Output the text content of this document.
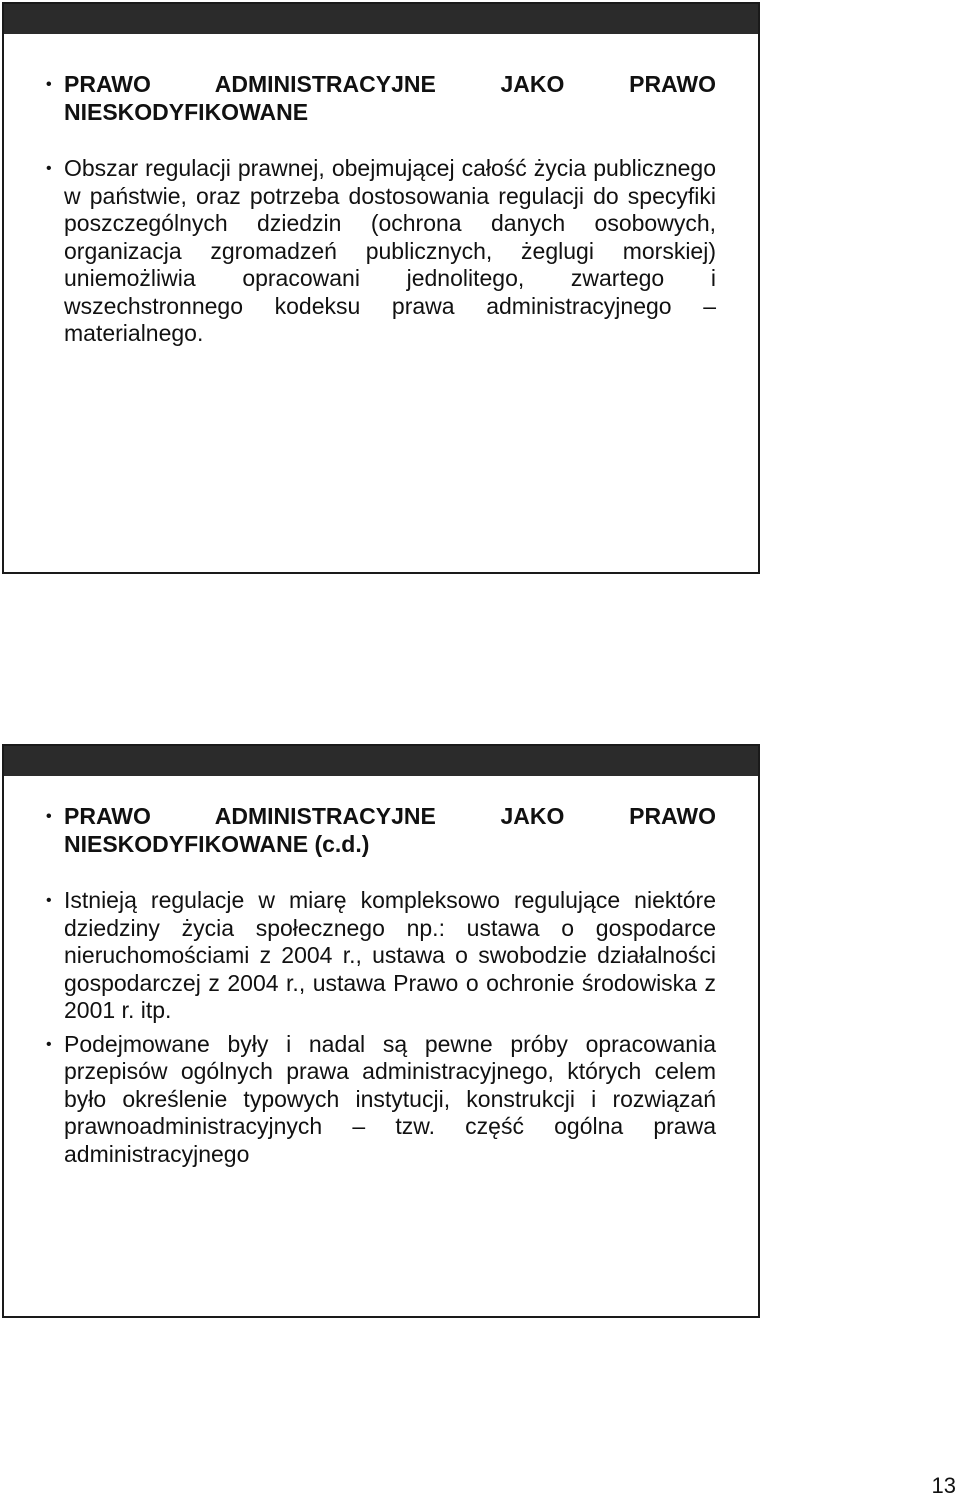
• PRAWO ADMINISTRACYJNE JAKO PRAWO NIESKODYFIKOWANE
• Obszar regulacji prawnej, obejmującej całość życia publicznego w państwie, oraz potrzeba dostosowania regulacji do specyfiki poszczególnych dziedzin (ochrona danych osobowych, organizacja zgromadzeń publicznych, żeglugi morskiej) uniemożliwia opracowani jednolitego, zwartego i wszechstronnego kodeksu prawa administracyjnego – materialnego.
• PRAWO ADMINISTRACYJNE JAKO PRAWO NIESKODYFIKOWANE (c.d.)
• Istnieją regulacje w miarę kompleksowo regulujące niektóre dziedziny życia społecznego np.: ustawa o gospodarce nieruchomościami z 2004 r., ustawa o swobodzie działalności gospodarczej z 2004 r., ustawa Prawo o ochronie środowiska z 2001 r. itp.
• Podejmowane były i nadal są pewne próby opracowania przepisów ogólnych prawa administracyjnego, których celem było określenie typowych instytucji, konstrukcji i rozwiązań prawnoadministracyjnych – tzw. część ogólna prawa administracyjnego
13
